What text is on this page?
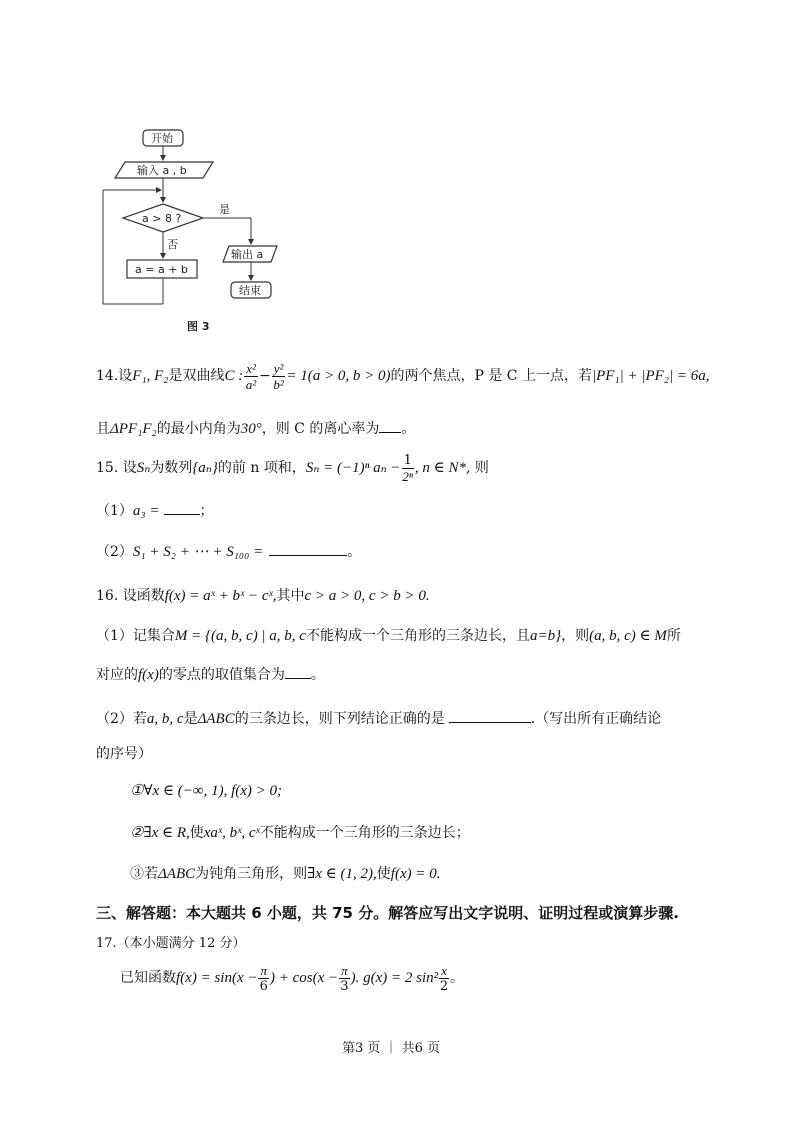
开始
输入 a , b
a > 8 ?
是
否
a = a + b
输出 a
结束
图 3
14.设F₁, F₂是双曲线C : $\frac{\text{x²}}{\text{a²}} - \frac{\text{y²}}{\text{b²}} = 1(a > 0$, b > 0)的两个焦点，P 是 C 上一点，若|PF₁| + |PF₂| = 6a,
且ΔPF₁F₂的最小内角为30°，则 C 的离心率为 。
15. 设Sₙ为数列{aₙ}的前 n 项和，Sₙ = (−1)ⁿ $a_n - \frac{1}{\text{2ⁿ}}$ , n ∈ N*, 则
（1）a₃ =	；
（2）S₁ + S₂ + ⋯ + S₁₀₀ =	。
16. 设函数f(x) = aˣ + bˣ − cˣ,其中c > a > 0, c > b > 0.
（1）记集合M = {(a, b, c) | a, b, c不能构成一个三角形的三条边长，且a=b}，则(a, b, c) ∈ M所
对应的f(x)的零点的取值集合为 。
（2）若a, b, c是ΔABC的三条边长，则下列结论正确的是	.（写出所有正确结论
的序号）
①∀x ∈ (−∞, 1), f(x) > 0;
②∃x ∈ R,使xaˣ, bˣ, cˣ不能构成一个三角形的三条边长；
③若ΔABC为钝角三角形，则∃x ∈ (1, 2),使f(x) = 0.
三、解答题：本大题共 6 小题，共 75 分。解答应写出文字说明、证明过程或演算步骤.
17.（本小题满分 12 分）
已知函数$f(x) = \sin(x - \frac{\pi}{6}$ ) + $\cos(x - \frac{\pi}{3}$ ). g(x) = 2 $\sin^2 \frac{x}{2}$ 。
第3 页 ｜ 共6 页
